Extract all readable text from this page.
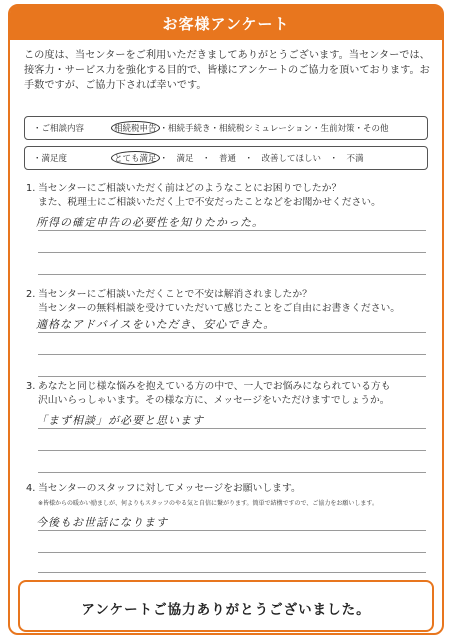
お客様アンケート
この度は、当センターをご利用いただきましてありがとうございます。当センターでは、接客力・サービス力を強化する目的で、皆様にアンケートのご協力を頂いております。お手数ですが、ご協力下されば幸いです。
・ご相談内容	相続税申告 ・相続手続き・相続税シミュレーション・生前対策・その他
・満足度	とても満足 ・　満足　・　普通　・　改善してほしい　・　不満
1. 当センターにご相談いただく前はどのようなことにお困りでしたか？
また、税理士にご相談いただく上で不安だったことなどをお聞かせください。
所得の確定申告の必要性を知りたかった。
2. 当センターにご相談いただくことで不安は解消されましたか？
当センターの無料相談を受けていただいて感じたことをご自由にお書きください。
適格なアドバイスをいただき、安心できた。
3. あなたと同じ様な悩みを抱えている方の中で、一人でお悩みになられている方も
沢山いらっしゃいます。その様な方に、メッセージをいただけますでしょうか。
「まず相談」が必要と思います
4. 当センターのスタッフに対してメッセージをお願いします。
※皆様からの暖かい励ましが、何よりもスタッフのやる気と自信に繋がります。簡単で結構ですので、ご協力をお願いします。
今後もお世話になります
アンケートご協力ありがとうございました。
